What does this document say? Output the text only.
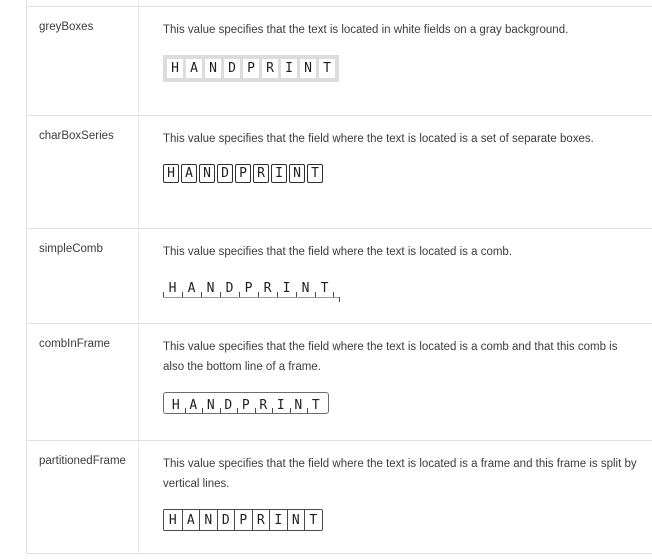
greyBoxes	This value specifies that the text is located in white fields on a gray background.

H A N D P R I N T
charBoxSeries	This value specifies that the field where the text is located is a set of separate boxes.

H A N D P R I N T
simpleComb	This value specifies that the field where the text is located is a comb.

H A N D P R I N T
combInFrame	This value specifies that the field where the text is located is a comb and that this comb is also the bottom line of a frame.

H A N D P R I N T
partitionedFrame	This value specifies that the field where the text is located is a frame and this frame is split by vertical lines.

H A N D P R I N T
